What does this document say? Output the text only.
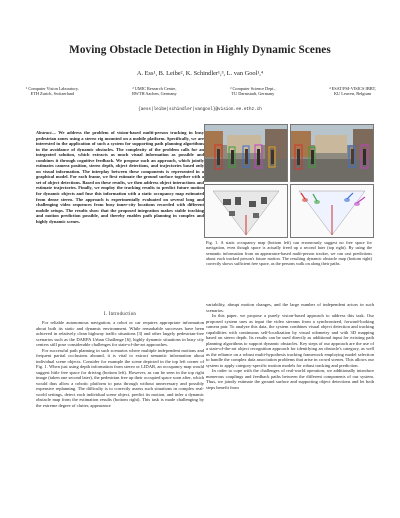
Moving Obstacle Detection in Highly Dynamic Scenes
A. Ess¹, B. Leibe², K. Schindler¹,³, L. van Gool¹,⁴
¹ Computer Vision Laboratory,
ETH Zurich, Switzerland
² UMIC Research Centre,
RWTH Aachen, Germany
³ Computer Science Dept.,
TU Darmstadt, Germany
⁴ ESAT/PSI-VISICS IBBT,
KU Leuven, Belgium
{aess|leibe|schindler|vangool}@vision.ee.ethz.ch
Abstract— We address the problem of vision-based multi-person tracking in busy pedestrian zones using a stereo rig mounted on a mobile platform. Specifically, we are interested in the application of such a system for supporting path planning algorithms in the avoidance of dynamic obstacles. The complexity of the problem calls for an integrated solution, which extracts as much visual information as possible and combines it through cognitive feedback. We propose such an approach, which jointly estimates camera position, stereo depth, object detections, and trajectories based only on visual information. The interplay between these components is represented in a graphical model. For each frame, we first estimate the ground surface together with a set of object detections. Based on these results, we then address object interactions and estimate trajectories. Finally, we employ the tracking results to predict future motion for dynamic objects and fuse this information with a static occupancy map estimated from dense stereo. The approach is experimentally evaluated on several long and challenging video sequences from busy inner-city locations recorded with different mobile setups. The results show that the proposed integration makes stable tracking and motion prediction possible, and thereby enables path planning in complex and highly dynamic scenes.
I. Introduction

For reliable autonomous navigation, a robot or car requires appropriate information about both its static and dynamic environment. While remarkable successes have been achieved in relatively clean highway traffic situations [3] and other largely pedestrian-free scenarios such as the DARPA Urban Challenge [6], highly dynamic situations in busy city centers still pose considerable challenges for state-of-the-art approaches.

For successful path planning in such scenarios where multiple independent motions and frequent partial occlusions abound, it is vital to extract semantic information about individual scene objects. Consider for example the scene depicted in the top left corner of Fig. 1. When just using depth information from stereo or LIDAR, an occupancy map would suggest little free space for driving (bottom left). However, as can be seen in the top right image (taken one second later), the pedestrian free up their occupied space soon after, which would thus allow a robotic platform to pass through without unnecessary and possibly expensive replanning. The difficulty is to correctly assess such situations in complex real-world settings, detect each individual scene object, predict its motion, and infer a dynamic obstacle map from the estimation results (bottom right). This task is made challenging by the extreme degree of clutter, appearance

Fig. 1. A static occupancy map (bottom left) can erroneously suggest no free space for navigation, even though space is actually freed up a second later (top right). By using the semantic information from an appearance-based multi-person tracker, we can cast predictions about each tracked person's future motion. The resulting dynamic obstacle map (bottom right) correctly shows sufficient free space, as the persons walk on along their paths.

variability, abrupt motion changes, and the large number of independent actors in such scenarios.

In this paper, we propose a purely vision-based approach to address this task. Our proposed system uses as input the video streams from a synchronized, forward-looking camera pair. To analyze this data, the system combines visual object detection and tracking capabilities with continuous self-localization by visual odometry and with 3D mapping based on stereo depth. Its results can be used directly as additional input for existing path planning algorithms to support dynamic obstacles. Key steps of our approach are the use of a state-of-the-art object recognition approach for identifying an obstacle's category, as well as the reliance on a robust multi-hypothesis tracking framework employing model selection to handle the complex data association problems that arise in crowd scenes. This allows our system to apply category-specific motion models for robust tracking and prediction.

In order to cope with the challenges of real-world operation, we additionally introduce numerous couplings and feedback paths between the different components of our system. Thus, we jointly estimate the ground surface and supporting object detections and let both steps benefit from
